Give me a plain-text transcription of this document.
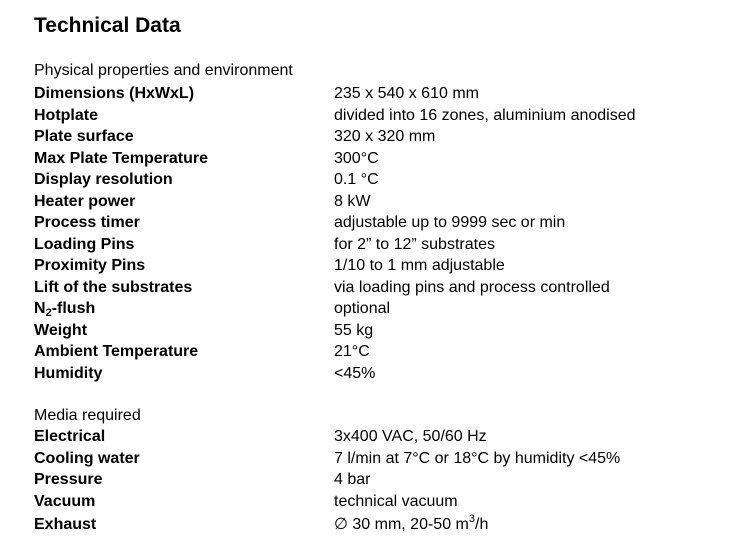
Technical Data
Physical properties and environment
Dimensions (HxWxL)	235 x 540 x 610 mm
Hotplate	divided into 16 zones, aluminium anodised
Plate surface	320 x 320 mm
Max Plate Temperature	300°C
Display resolution	0.1 °C
Heater power	8 kW
Process timer	adjustable up to 9999 sec or min
Loading Pins	for 2” to 12” substrates
Proximity Pins	1/10 to 1 mm adjustable
Lift of the substrates	via loading pins and process controlled
$N_2$-flush	optional
Weight	55 kg
Ambient Temperature	21°C
Humidity	<45%
Media required
Electrical	3x400 VAC, 50/60 Hz
Cooling water	7 l/min at 7°C or 18°C by humidity <45%
Pressure	4 bar
Vacuum	technical vacuum
Exhaust	∅ 30 mm, 20-50 $m^3/h$
